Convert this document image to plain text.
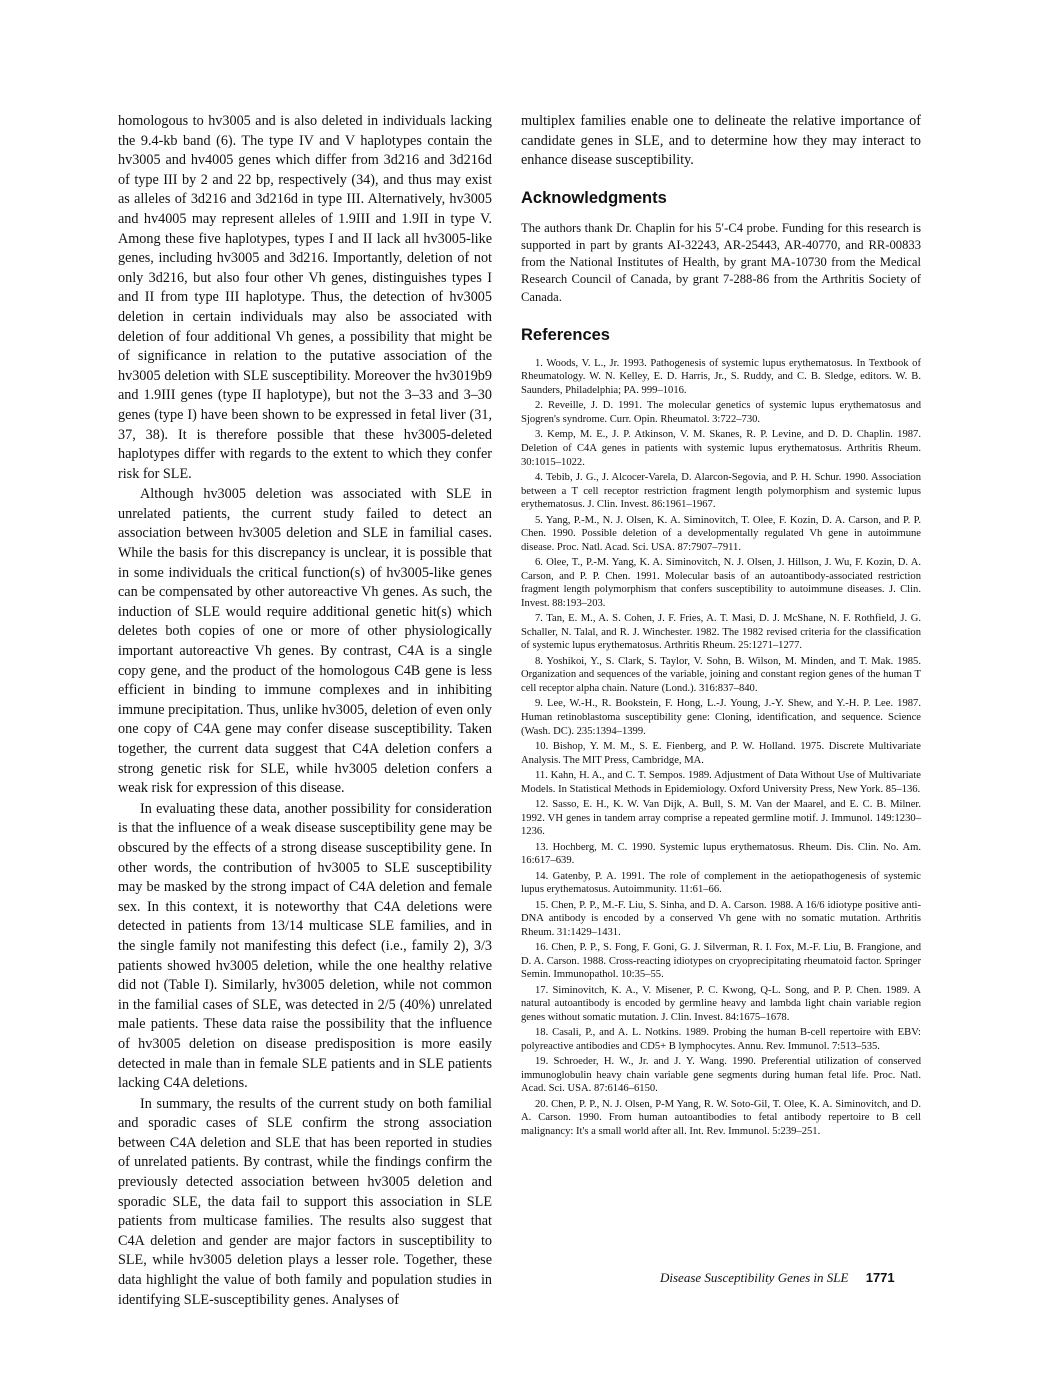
homologous to hv3005 and is also deleted in individuals lacking the 9.4-kb band (6). The type IV and V haplotypes contain the hv3005 and hv4005 genes which differ from 3d216 and 3d216d of type III by 2 and 22 bp, respectively (34), and thus may exist as alleles of 3d216 and 3d216d in type III. Alternatively, hv3005 and hv4005 may represent alleles of 1.9III and 1.9II in type V. Among these five haplotypes, types I and II lack all hv3005-like genes, including hv3005 and 3d216. Importantly, deletion of not only 3d216, but also four other Vh genes, distinguishes types I and II from type III haplotype. Thus, the detection of hv3005 deletion in certain individuals may also be associated with deletion of four additional Vh genes, a possibility that might be of significance in relation to the putative association of the hv3005 deletion with SLE susceptibility. Moreover the hv3019b9 and 1.9III genes (type II haplotype), but not the 3–33 and 3–30 genes (type I) have been shown to be expressed in fetal liver (31, 37, 38). It is therefore possible that these hv3005-deleted haplotypes differ with regards to the extent to which they confer risk for SLE.

Although hv3005 deletion was associated with SLE in unrelated patients, the current study failed to detect an association between hv3005 deletion and SLE in familial cases. While the basis for this discrepancy is unclear, it is possible that in some individuals the critical function(s) of hv3005-like genes can be compensated by other autoreactive Vh genes. As such, the induction of SLE would require additional genetic hit(s) which deletes both copies of one or more of other physiologically important autoreactive Vh genes. By contrast, C4A is a single copy gene, and the product of the homologous C4B gene is less efficient in binding to immune complexes and in inhibiting immune precipitation. Thus, unlike hv3005, deletion of even only one copy of C4A gene may confer disease susceptibility. Taken together, the current data suggest that C4A deletion confers a strong genetic risk for SLE, while hv3005 deletion confers a weak risk for expression of this disease.

In evaluating these data, another possibility for consideration is that the influence of a weak disease susceptibility gene may be obscured by the effects of a strong disease susceptibility gene. In other words, the contribution of hv3005 to SLE susceptibility may be masked by the strong impact of C4A deletion and female sex. In this context, it is noteworthy that C4A deletions were detected in patients from 13/14 multicase SLE families, and in the single family not manifesting this defect (i.e., family 2), 3/3 patients showed hv3005 deletion, while the one healthy relative did not (Table I). Similarly, hv3005 deletion, while not common in the familial cases of SLE, was detected in 2/5 (40%) unrelated male patients. These data raise the possibility that the influence of hv3005 deletion on disease predisposition is more easily detected in male than in female SLE patients and in SLE patients lacking C4A deletions.

In summary, the results of the current study on both familial and sporadic cases of SLE confirm the strong association between C4A deletion and SLE that has been reported in studies of unrelated patients. By contrast, while the findings confirm the previously detected association between hv3005 deletion and sporadic SLE, the data fail to support this association in SLE patients from multicase families. The results also suggest that C4A deletion and gender are major factors in susceptibility to SLE, while hv3005 deletion plays a lesser role. Together, these data highlight the value of both family and population studies in identifying SLE-susceptibility genes. Analyses of

multiplex families enable one to delineate the relative importance of candidate genes in SLE, and to determine how they may interact to enhance disease susceptibility.

Acknowledgments

The authors thank Dr. Chaplin for his 5′-C4 probe. Funding for this research is supported in part by grants AI-32243, AR-25443, AR-40770, and RR-00833 from the National Institutes of Health, by grant MA-10730 from the Medical Research Council of Canada, by grant 7-288-86 from the Arthritis Society of Canada.

References

1. Woods, V. L., Jr. 1993. Pathogenesis of systemic lupus erythematosus. In Textbook of Rheumatology. W. N. Kelley, E. D. Harris, Jr., S. Ruddy, and C. B. Sledge, editors. W. B. Saunders, Philadelphia; PA. 999–1016.

2. Reveille, J. D. 1991. The molecular genetics of systemic lupus erythematosus and Sjogren's syndrome. Curr. Opin. Rheumatol. 3:722–730.

3. Kemp, M. E., J. P. Atkinson, V. M. Skanes, R. P. Levine, and D. D. Chaplin. 1987. Deletion of C4A genes in patients with systemic lupus erythematosus. Arthritis Rheum. 30:1015–1022.

4. Tebib, J. G., J. Alcocer-Varela, D. Alarcon-Segovia, and P. H. Schur. 1990. Association between a T cell receptor restriction fragment length polymorphism and systemic lupus erythematosus. J. Clin. Invest. 86:1961–1967.

5. Yang, P.-M., N. J. Olsen, K. A. Siminovitch, T. Olee, F. Kozin, D. A. Carson, and P. P. Chen. 1990. Possible deletion of a developmentally regulated Vh gene in autoimmune disease. Proc. Natl. Acad. Sci. USA. 87:7907–7911.

6. Olee, T., P.-M. Yang, K. A. Siminovitch, N. J. Olsen, J. Hillson, J. Wu, F. Kozin, D. A. Carson, and P. P. Chen. 1991. Molecular basis of an autoantibody-associated restriction fragment length polymorphism that confers susceptibility to autoimmune diseases. J. Clin. Invest. 88:193–203.

7. Tan, E. M., A. S. Cohen, J. F. Fries, A. T. Masi, D. J. McShane, N. F. Rothfield, J. G. Schaller, N. Talal, and R. J. Winchester. 1982. The 1982 revised criteria for the classification of systemic lupus erythematosus. Arthritis Rheum. 25:1271–1277.

8. Yoshikoi, Y., S. Clark, S. Taylor, V. Sohn, B. Wilson, M. Minden, and T. Mak. 1985. Organization and sequences of the variable, joining and constant region genes of the human T cell receptor alpha chain. Nature (Lond.). 316:837–840.

9. Lee, W.-H., R. Bookstein, F. Hong, L.-J. Young, J.-Y. Shew, and Y.-H. P. Lee. 1987. Human retinoblastoma susceptibility gene: Cloning, identification, and sequence. Science (Wash. DC). 235:1394–1399.

10. Bishop, Y. M. M., S. E. Fienberg, and P. W. Holland. 1975. Discrete Multivariate Analysis. The MIT Press, Cambridge, MA.

11. Kahn, H. A., and C. T. Sempos. 1989. Adjustment of Data Without Use of Multivariate Models. In Statistical Methods in Epidemiology. Oxford University Press, New York. 85–136.

12. Sasso, E. H., K. W. Van Dijk, A. Bull, S. M. Van der Maarel, and E. C. B. Milner. 1992. VH genes in tandem array comprise a repeated germline motif. J. Immunol. 149:1230–1236.

13. Hochberg, M. C. 1990. Systemic lupus erythematosus. Rheum. Dis. Clin. No. Am. 16:617–639.

14. Gatenby, P. A. 1991. The role of complement in the aetiopathogenesis of systemic lupus erythematosus. Autoimmunity. 11:61–66.

15. Chen, P. P., M.-F. Liu, S. Sinha, and D. A. Carson. 1988. A 16/6 idiotype positive anti-DNA antibody is encoded by a conserved Vh gene with no somatic mutation. Arthritis Rheum. 31:1429–1431.

16. Chen, P. P., S. Fong, F. Goni, G. J. Silverman, R. I. Fox, M.-F. Liu, B. Frangione, and D. A. Carson. 1988. Cross-reacting idiotypes on cryoprecipitating rheumatoid factor. Springer Semin. Immunopathol. 10:35–55.

17. Siminovitch, K. A., V. Misener, P. C. Kwong, Q-L. Song, and P. P. Chen. 1989. A natural autoantibody is encoded by germline heavy and lambda light chain variable region genes without somatic mutation. J. Clin. Invest. 84:1675–1678.

18. Casali, P., and A. L. Notkins. 1989. Probing the human B-cell repertoire with EBV: polyreactive antibodies and CD5+ B lymphocytes. Annu. Rev. Immunol. 7:513–535.

19. Schroeder, H. W., Jr. and J. Y. Wang. 1990. Preferential utilization of conserved immunoglobulin heavy chain variable gene segments during human fetal life. Proc. Natl. Acad. Sci. USA. 87:6146–6150.

20. Chen, P. P., N. J. Olsen, P-M Yang, R. W. Soto-Gil, T. Olee, K. A. Siminovitch, and D. A. Carson. 1990. From human autoantibodies to fetal antibody repertoire to B cell malignancy: It's a small world after all. Int. Rev. Immunol. 5:239–251.

Disease Susceptibility Genes in SLE 1771
